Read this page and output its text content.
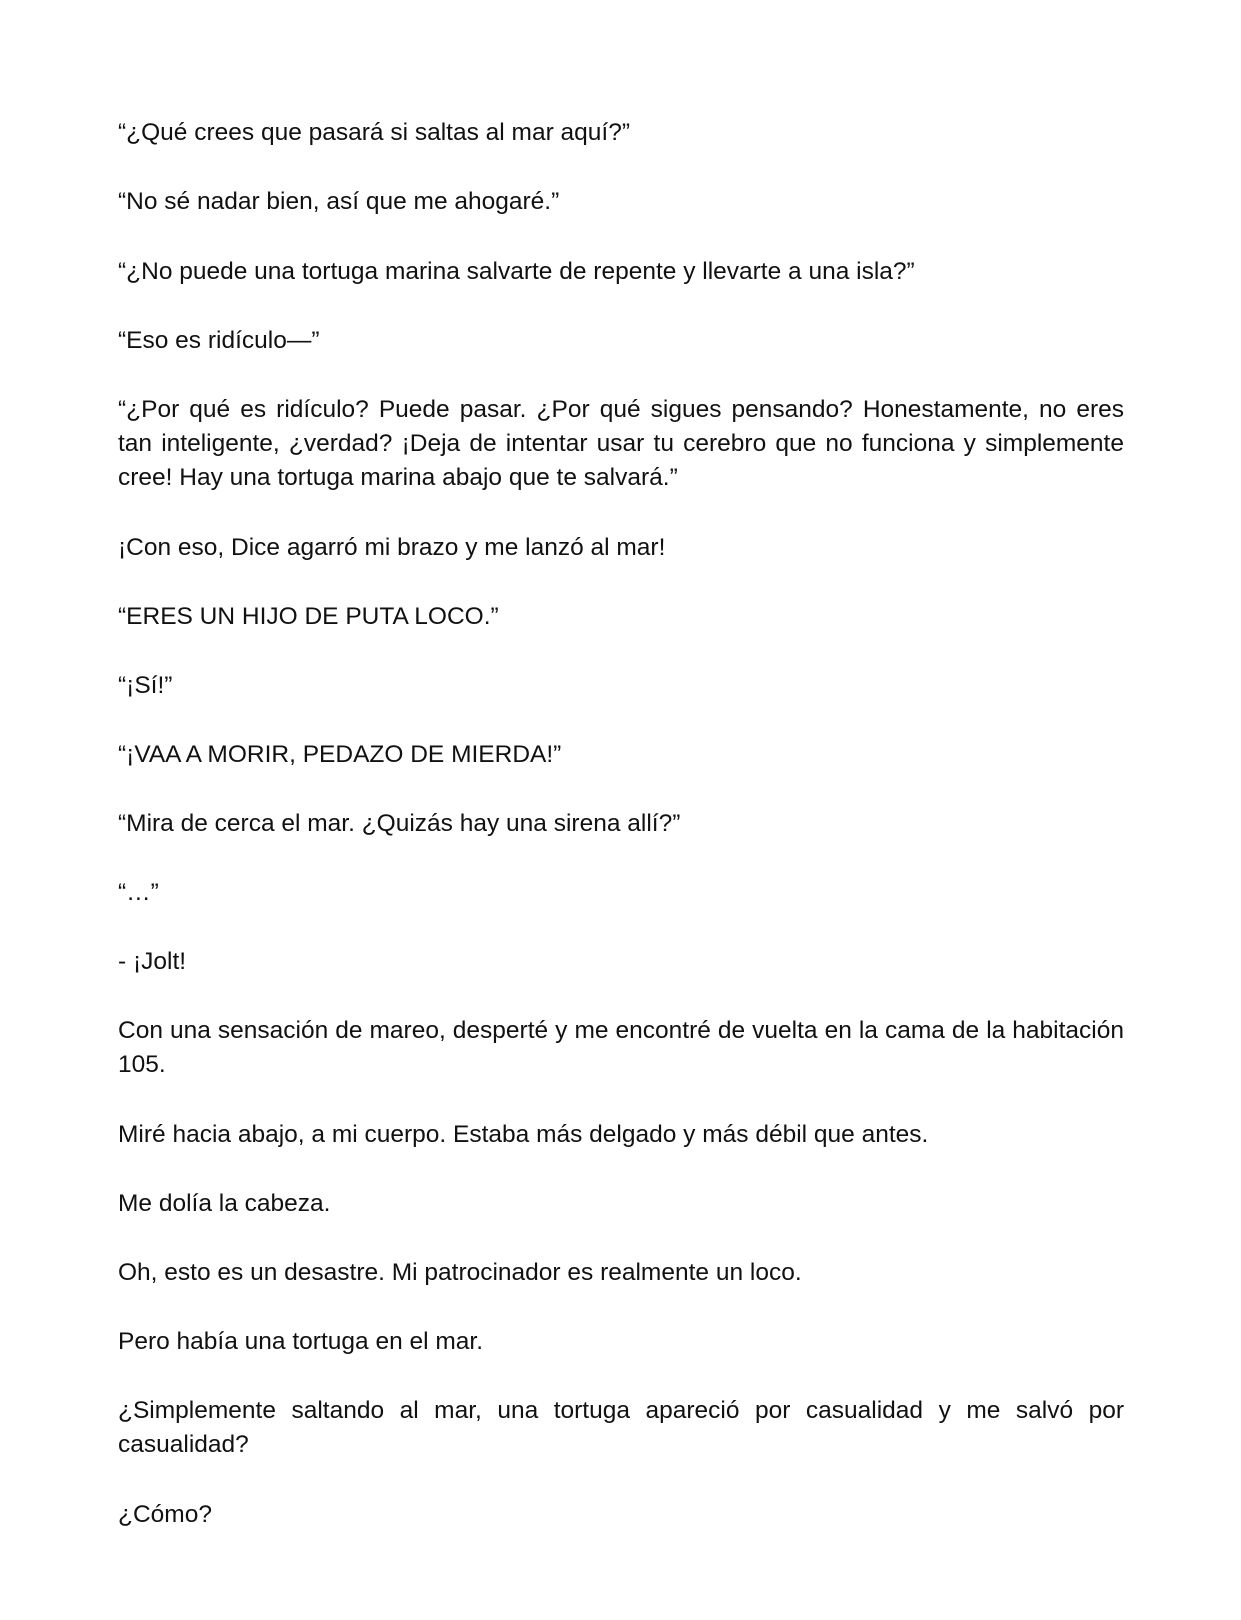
“¿Qué crees que pasará si saltas al mar aquí?”

“No sé nadar bien, así que me ahogaré.”

“¿No puede una tortuga marina salvarte de repente y llevarte a una isla?”

“Eso es ridículo—”

“¿Por qué es ridículo? Puede pasar. ¿Por qué sigues pensando? Honestamente, no eres tan inteligente, ¿verdad? ¡Deja de intentar usar tu cerebro que no funciona y simplemente cree! Hay una tortuga marina abajo que te salvará.”

¡Con eso, Dice agarró mi brazo y me lanzó al mar!

“ERES UN HIJO DE PUTA LOCO.”

“¡Sí!”

“¡VAA A MORIR, PEDAZO DE MIERDA!”

“Mira de cerca el mar. ¿Quizás hay una sirena allí?”

“…”

- ¡Jolt!

Con una sensación de mareo, desperté y me encontré de vuelta en la cama de la habitación 105.

Miré hacia abajo, a mi cuerpo. Estaba más delgado y más débil que antes.

Me dolía la cabeza.

Oh, esto es un desastre. Mi patrocinador es realmente un loco.

Pero había una tortuga en el mar.

¿Simplemente saltando al mar, una tortuga apareció por casualidad y me salvó por casualidad?

¿Cómo?
